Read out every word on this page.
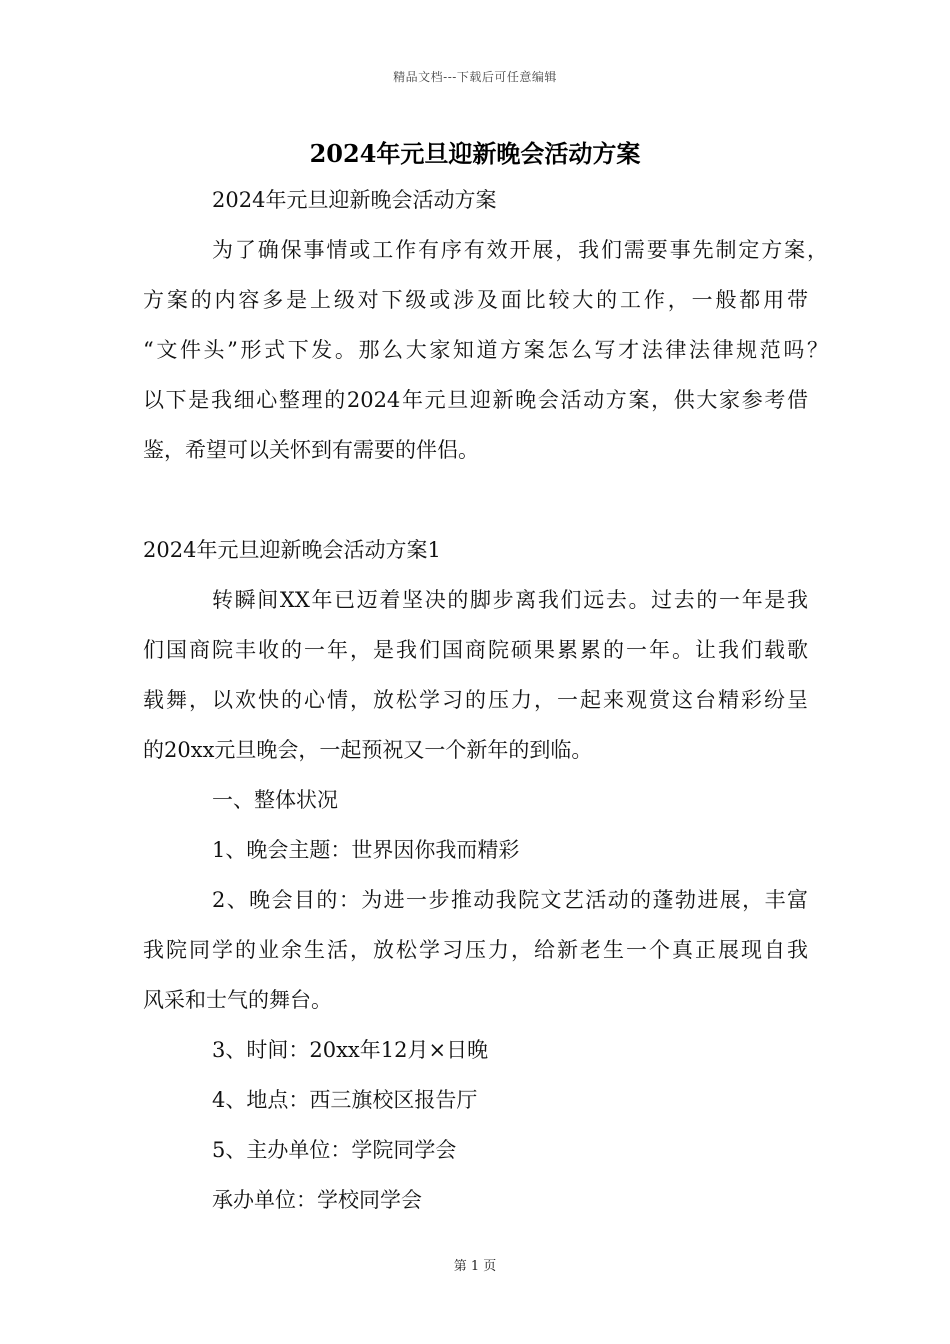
精品文档---下载后可任意编辑
2024年元旦迎新晚会活动方案
2024年元旦迎新晚会活动方案
为了确保事情或工作有序有效开展，我们需要事先制定方案，
方案的内容多是上级对下级或涉及面比较大的工作，一般都用带
“文件头”形式下发。那么大家知道方案怎么写才法律法律规范吗？
以下是我细心整理的2024年元旦迎新晚会活动方案，供大家参考借
鉴，希望可以关怀到有需要的伴侣。
2024年元旦迎新晚会活动方案1
转瞬间XX年已迈着坚决的脚步离我们远去。过去的一年是我
们国商院丰收的一年，是我们国商院硕果累累的一年。让我们载歌
载舞，以欢快的心情，放松学习的压力，一起来观赏这台精彩纷呈
的20xx元旦晚会，一起预祝又一个新年的到临。
一、整体状况
1、晚会主题：世界因你我而精彩
2、晚会目的：为进一步推动我院文艺活动的蓬勃进展，丰富
我院同学的业余生活，放松学习压力，给新老生一个真正展现自我
风采和士气的舞台。
3、时间：20xx年12月×日晚
4、地点：西三旗校区报告厅
5、主办单位：学院同学会
承办单位：学校同学会
第 1 页
